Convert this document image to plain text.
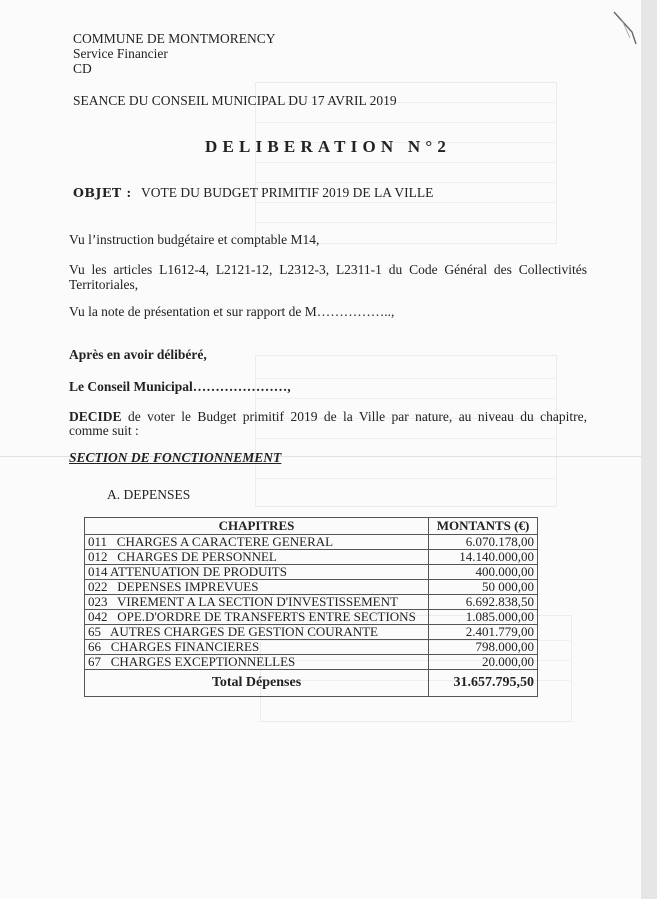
COMMUNE DE MONTMORENCY
Service Financier
CD
SEANCE DU CONSEIL MUNICIPAL DU 17 AVRIL 2019
DELIBERATION N°2
OBJET : VOTE DU BUDGET PRIMITIF 2019 DE LA VILLE
Vu l’instruction budgétaire et comptable M14,
Vu les articles L1612-4, L2121-12, L2312-3, L2311-1 du Code Général des Collectivités
Territoriales,
Vu la note de présentation et sur rapport de M……………..,
Après en avoir délibéré,
Le Conseil Municipal…………………,
DECIDE de voter le Budget primitif 2019 de la Ville par nature, au niveau du chapitre,
comme suit :
SECTION DE FONCTIONNEMENT
A. DEPENSES
CHAPITRES	MONTANTS (€)
011   CHARGES A CARACTERE GENERAL	6.070.178,00
012   CHARGES DE PERSONNEL	14.140.000,00
014 ATTENUATION DE PRODUITS	400.000,00
022   DEPENSES IMPREVUES	50 000,00
023   VIREMENT A LA SECTION D'INVESTISSEMENT	6.692.838,50
042   OPE.D'ORDRE DE TRANSFERTS ENTRE SECTIONS	1.085.000,00
65   AUTRES CHARGES DE GESTION COURANTE	2.401.779,00
66   CHARGES FINANCIERES	798.000,00
67   CHARGES EXCEPTIONNELLES	20.000,00
Total Dépenses	31.657.795,50
